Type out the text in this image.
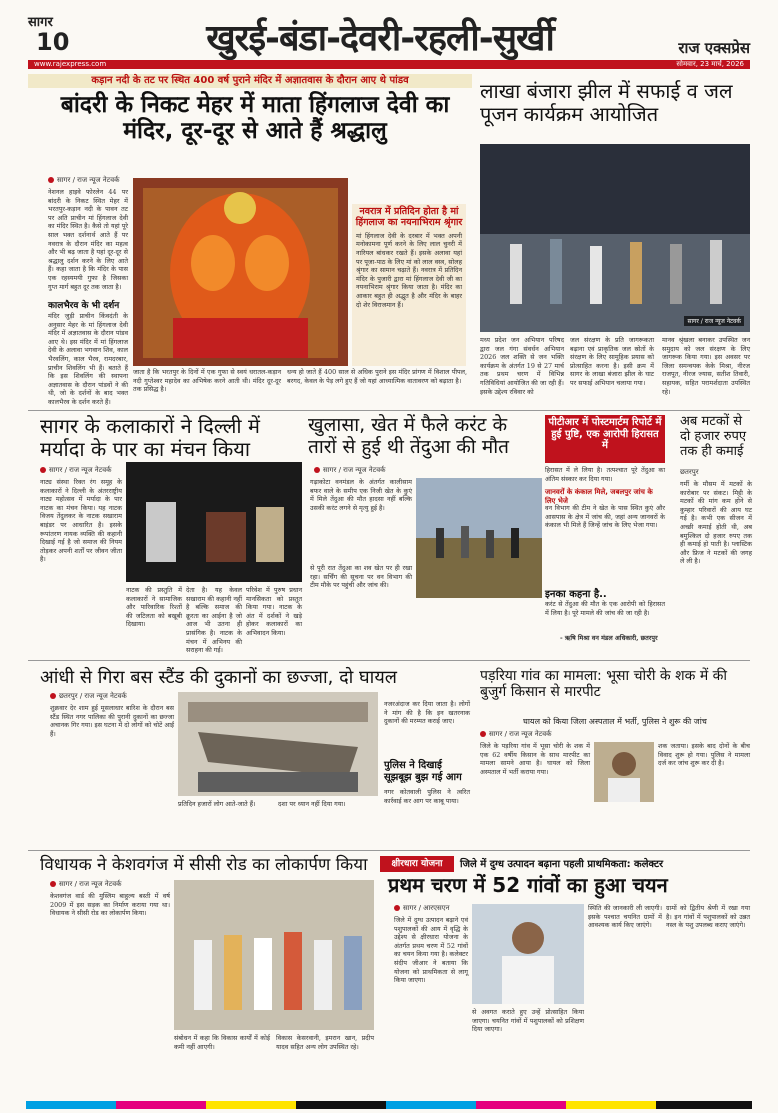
सागर
10	खुरई-बंडा-देवरी-रहली-सुर्खी	राज एक्सप्रेस
www.rajexpress.com	सोमवार, 23 मार्च, 2026
कड़ान नदी के तट पर स्थित 400 वर्ष पुराने मंदिर में अज्ञातवास के दौरान आए थे पांडव
बांदरी के निकट मेहर में माता हिंगलाज देवी का मंदिर, दूर-दूर से आते हैं श्रद्धालु
सागर / राज न्यूज नेटवर्क
नेशनल हाइवे फोरलेन 44 पर बांदरी के निकट स्थित मेहर में भरतपुर-कड़ान नदी के पावन तट पर अति प्राचीन मां हिंगलाज देवी का मंदिर स्थित है। कैसे तो यहां पूरे साल भक्त दर्शनार्थ आते हैं पर नवरात्र के दौरान मंदिर का महत्व और भी बढ़ जाता है यहां दूर-दूर से श्रद्धालु दर्शन करने के लिए आते हैं। कहा जाता है कि मंदिर के पास एक रहस्यमयी गुफा है जिसका गुप्त मार्ग बहुत दूर तक जाता है।
कालभैरव के भी दर्शन
मंदिर जुड़ी प्राचीन किंवदंती के अनुसार मेहर के मां हिंगलाज देवी मंदिर में अज्ञातवास के दौरान पांडव आए थे। इस मंदिर में मां हिंगलाज देवी के अलावा भगवान शिव, काल भैरवलिंग, काल भैरव, रामदरबार, प्राचीन शिवलिंग भी हैं। बताते हैं कि इस शिवलिंग की स्थापना अज्ञातवास के दौरान पांडवों ने की थी, जो के दर्शनों के बाद भक्त कालभैरव के दर्शन करते हैं।
नवरात्र में प्रतिदिन होता है मां हिंगलाज का नयनाभिराम श्रृंगार
मां हिंगलाज देवी के दरबार में भक्त अपनी मनोकामना पूर्ण करने के लिए लाल चुनरी में नारियल बांधकर रखते हैं। इसके अलावा यहां पर पूजा-पाठ के लिए मां को लाल वस्त्र, सोलह श्रृंगार का सामान चढ़ाते हैं। नवरात्र में प्रतिदिन मंदिर के पुजारी द्वारा मां हिंगलाज देवी जी का नयनाभिराम श्रृंगार किया जाता है। मंदिर का आकार बहुत ही अद्भुत है और मंदिर के बाहर दो शेर विराजमान हैं।
जाता है कि भरतपुर के दिनों में एक गुफा से स्वयं धरातल-कड़ान नदी गुप्तेश्वर महादेव का अभिषेक करने आती थी। मंदिर दूर-दूर तक प्रसिद्ध है।
धन्य हो जाते हैं 400 साल से अधिक पुराने इस मंदिर प्रांगण में विशाल पीपल, बरगद, केवल के पेड़ लगे हुए हैं जो यहां आध्यात्मिक वातावरण को बढ़ाता है।
लाखा बंजारा झील में सफाई व जल पूजन कार्यक्रम आयोजित
सागर / राज न्यूज नेटवर्क
मध्य प्रदेश जन अभियान परिषद द्वारा जल गंगा संवर्धन अभियान 2026 जल शक्ति से जन भक्ति कार्यक्रम के अंतर्गत 19 से 27 मार्च तक प्रथम चरण में विभिन्न गतिविधियां आयोजित की जा रही हैं। इसके उद्देश्य रविवार को
जल संरक्षण के प्रति जागरूकता बढ़ाना एवं प्राकृतिक जल स्रोतों के संरक्षण के लिए सामूहिक प्रयास को प्रोत्साहित करना है। इसी क्रम में सागर के लाखा बंजारा झील के घाट पर सफाई अभियान चलाया गया।
मानव श्रृंखला बनाकर उपस्थित जन समुदाय को जल संरक्षण के लिए जागरूक किया गया। इस अवसर पर जिला समन्वयक केके मिश्रा, नीरज राजपूत, नीरज ज्यास, सतीश तिवारी, सहायक, सहित परामर्शदाता उपस्थित रहे।
सागर के कलाकारों ने दिल्ली में मर्यादा के पार का मंचन किया
सागर / राज न्यूज नेटवर्क
नाट्य संस्था रिक्त रंग समूह के कलाकारों ने दिल्ली के अंतरराष्ट्रीय नाट्य महोत्सव में मर्यादा के पार नाटक का मंचन किया। यह नाटक विजय तेंदुलकर के नाटक सखाराम बाइंडर पर आधारित है। इसके रूपांतरण नायक व्यक्ति की कहानी दिखाई गई है जो समाज की नियम तोड़कर अपनी शर्तों पर जीवन जीता है।
नाटक की प्रस्तुति में कलाकारों ने सामाजिक और पारिवारिक रिश्तों की जटिलता को बखूबी दिखाया।
देता है। यह केवल सखाराम की कहानी नहीं है बल्कि समाज की क्रूरता का आईना है जो आज भी उतना ही प्रासंगिक है। नाटक के मंचन में अभिनय की सराहना की गई।
परिवेश में पुरुष प्रधान मानसिकता को प्रस्तुत किया गया। नाटक के अंत में दर्शकों ने खड़े होकर कलाकारों का अभिवादन किया।
खुलासा, खेत में फैले करंट के तारों से हुई थी तेंदुआ की मौत
सागर / राज न्यूज नेटवर्क
गढ़ाकोटा वनमंडल के अंतर्गत कालीसाम बफर वाले के समीप एक निजी खेत के कुएं में मिले तेंदुआ की मौत हादसा नहीं बल्कि उसकी करंट लगने से मृत्यु हुई है।
से पूरी रात तेंदुआ का शव खेत पर ही रखा रहा। सर्चिंग की सूचना पर वन विभाग की टीम मौके पर पहुंची और जांच की।
पीटीआर में पोस्टमार्टम रिपोर्ट में हुई पुष्टि, एक आरोपी हिरासत में
हिरासत में ले लिया है। तत्पश्चात पूरे तेंदुआ का अंतिम संस्कार कर दिया गया।
जानवरों के कंकाल मिले, जबलपुर जांच के लिए भेजे
वन विभाग की टीम ने खेत के पास स्थित कुएं और आसपास के क्षेत्र में जांच की, जहां अन्य जानवरों के कंकाल भी मिले हैं जिन्हें जांच के लिए भेजा गया।
इनका कहना है..
करंट से तेंदुआ की मौत के एक आरोपी को हिरासत में लिया है। पूरे मामले की जांच की जा रही है।
- ऋषि मिश्रा वन मंडल अधिकारी, छतरपुर
अब मटकों से दो हजार रुपए तक ही कमाई
छतरपुर
गर्मी के मौसम में मटकों के कारोबार पर संकट। मिट्टी के मटकों की मांग कम होने से कुम्हार परिवारों की आय घट गई है। कभी एक सीजन में अच्छी कमाई होती थी, अब बमुश्किल दो हजार रुपए तक ही कमाई हो पाती है। प्लास्टिक और फ्रिज ने मटकों की जगह ले ली है।
आंधी से गिरा बस स्टैंड की दुकानों का छज्जा, दो घायल
छतरपुर / राज न्यूज नेटवर्क
शुक्रवार देर शाम हुई मूसलाधार बारिश के दौरान बस स्टैंड स्थित नगर पालिका की पुरानी दुकानों का छज्जा अचानक गिर गया। इस घटना में दो लोगों को चोटें आईं हैं।
प्रतिदिन हजारों लोग आते-जाते हैं।	दशा पर ध्यान नहीं दिया गया।
नजरअंदाज कर दिया जाता है। लोगों ने मांग की है कि इन खतरनाक दुकानों की मरम्मत कराई जाए।
पुलिस ने दिखाई सूझबूझ बुझ गई आग
नगर कोतवाली पुलिस ने त्वरित कार्रवाई कर आग पर काबू पाया।
पड़रिया गांव का मामला: भूसा चोरी के शक में की बुजुर्ग किसान से मारपीट
घायल को किया जिला अस्पताल में भर्ती, पुलिस ने शुरू की जांच
सागर / राज न्यूज नेटवर्क
जिले के पड़रिया गांव में भूसा चोरी के शक में एक 62 वर्षीय किसान के साथ मारपीट का मामला सामने आया है। घायल को जिला अस्पताल में भर्ती कराया गया।
शक जताया। इसके बाद दोनों के बीच विवाद शुरू हो गया। पुलिस ने मामला दर्ज कर जांच शुरू कर दी है।
विधायक ने केशवगंज में सीसी रोड का लोकार्पण किया
सागर / राज न्यूज नेटवर्क
केशवगंज वार्ड की मुस्लिम बाहुल्य बस्ती में वर्ष 2009 में इस सड़क का निर्माण कराया गया था। विधायक ने सीसी रोड का लोकार्पण किया।
संबोधन में कहा कि विकास कार्यों में कोई कमी नहीं आएगी।
विकास केसरवानी, इमरान खान, प्रदीप यादव सहित अन्य लोग उपस्थित रहे।
क्षीरधारा योजना	जिले में दुग्ध उत्पादन बढ़ाना पहली प्राथमिकता: कलेक्टर
प्रथम चरण में 52 गांवों का हुआ चयन
सागर / आरएसएन
जिले में दुग्ध उत्पादन बढ़ाने एवं पशुपालकों की आय में वृद्धि के उद्देश्य से क्षीरधारा योजना के अंतर्गत प्रथम चरण में 52 गांवों का चयन किया गया है। कलेक्टर संदीप जीआर ने बताया कि योजना को प्राथमिकता से लागू किया जाएगा।
से अवगत कराते हुए उन्हें प्रोत्साहित किया जाएगा। चयनित गांवों में पशुपालकों को प्रशिक्षण दिया जाएगा।
स्थिति की जानकारी ली जाएगी। इसके पश्चात चयनित ग्रामों में आवश्यक कार्य किए जाएंगे।
ग्रामों को द्वितीय श्रेणी में रखा गया है। इन गांवों में पशुपालकों को उन्नत नस्ल के पशु उपलब्ध कराए जाएंगे।
